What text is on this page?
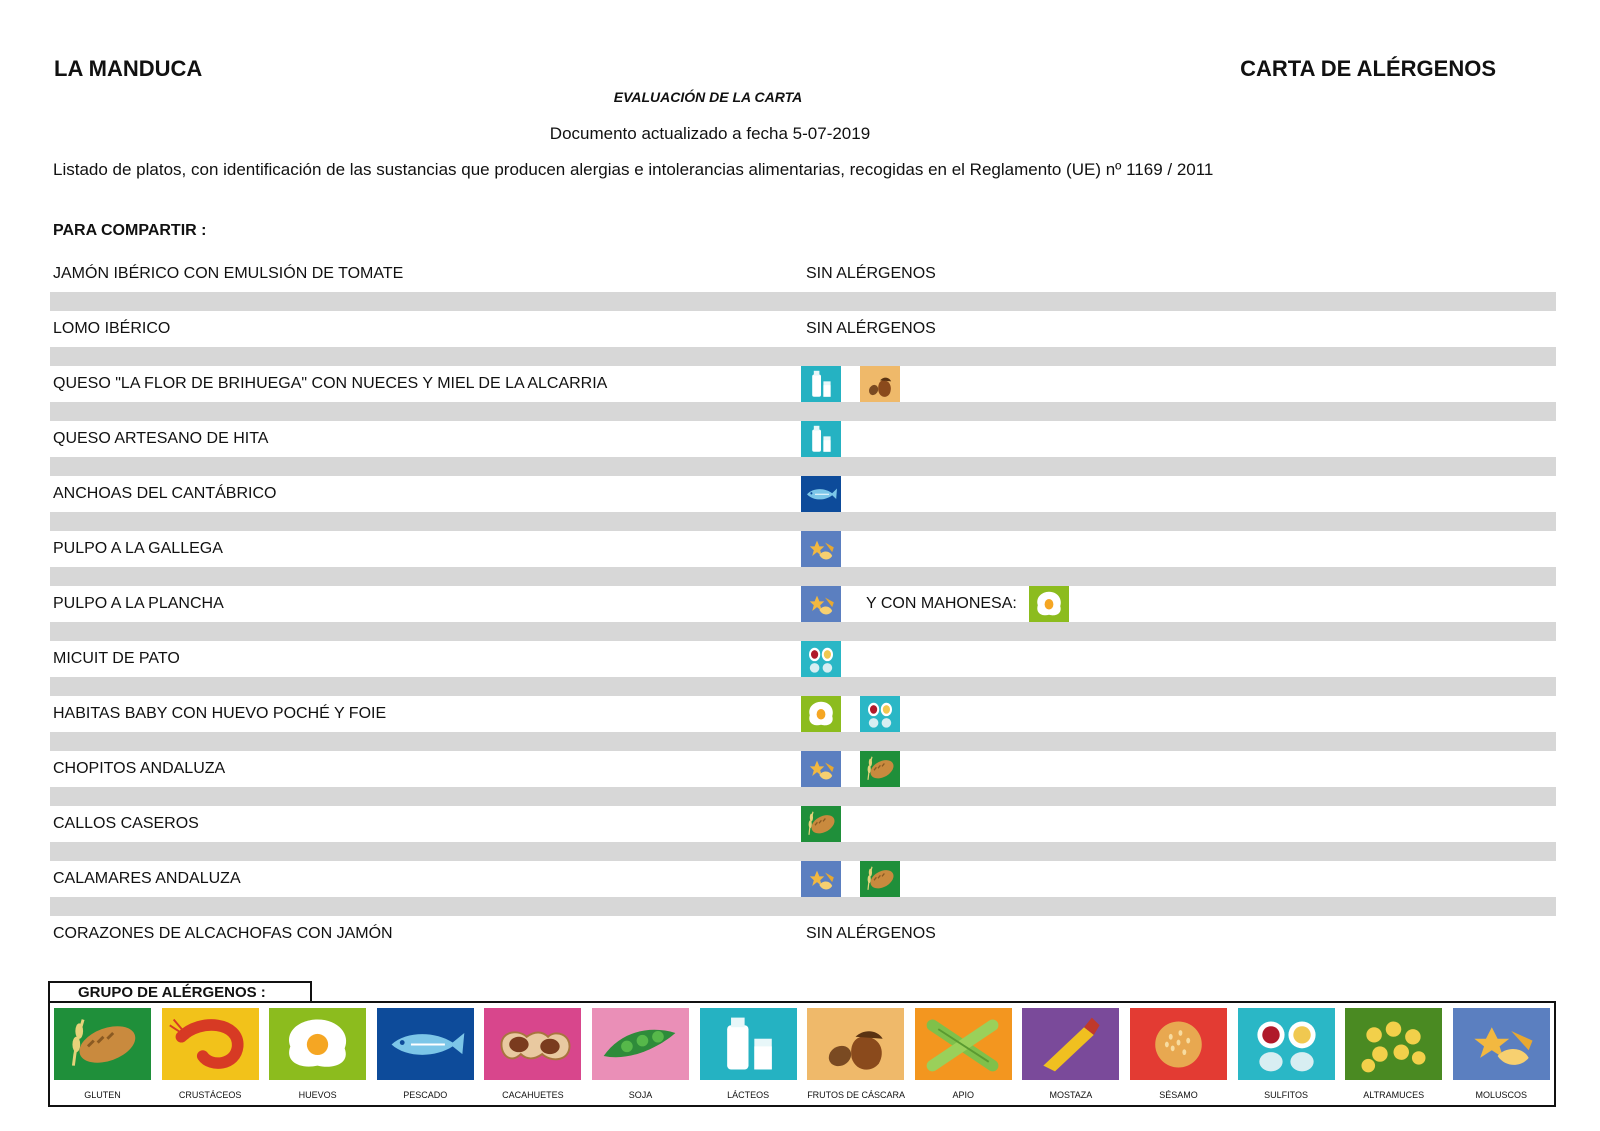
LA MANDUCA	CARTA DE ALÉRGENOS
EVALUACIÓN DE LA CARTA
Documento actualizado a fecha 5-07-2019
Listado de platos, con identificación de las sustancias que producen alergias e intolerancias alimentarias, recogidas en el Reglamento (UE) nº 1169 / 2011
PARA COMPARTIR :
JAMÓN IBÉRICO CON EMULSIÓN DE TOMATE	SIN ALÉRGENOS
LOMO IBÉRICO	SIN ALÉRGENOS
QUESO "LA FLOR DE BRIHUEGA" CON NUECES Y MIEL DE LA ALCARRIA
QUESO ARTESANO DE HITA
ANCHOAS DEL CANTÁBRICO
PULPO A LA GALLEGA
PULPO A LA PLANCHA	Y CON MAHONESA:
MICUIT DE PATO
HABITAS BABY CON HUEVO POCHÉ Y FOIE
CHOPITOS ANDALUZA
CALLOS CASEROS
CALAMARES ANDALUZA
CORAZONES DE ALCACHOFAS CON JAMÓN	SIN ALÉRGENOS
GRUPO DE ALÉRGENOS :
GLUTEN	CRUSTÁCEOS	HUEVOS	PESCADO	CACAHUETES	SOJA	LÁCTEOS	FRUTOS DE CÁSCARA	APIO	MOSTAZA	SÉSAMO	SULFITOS	ALTRAMUCES	MOLUSCOS
